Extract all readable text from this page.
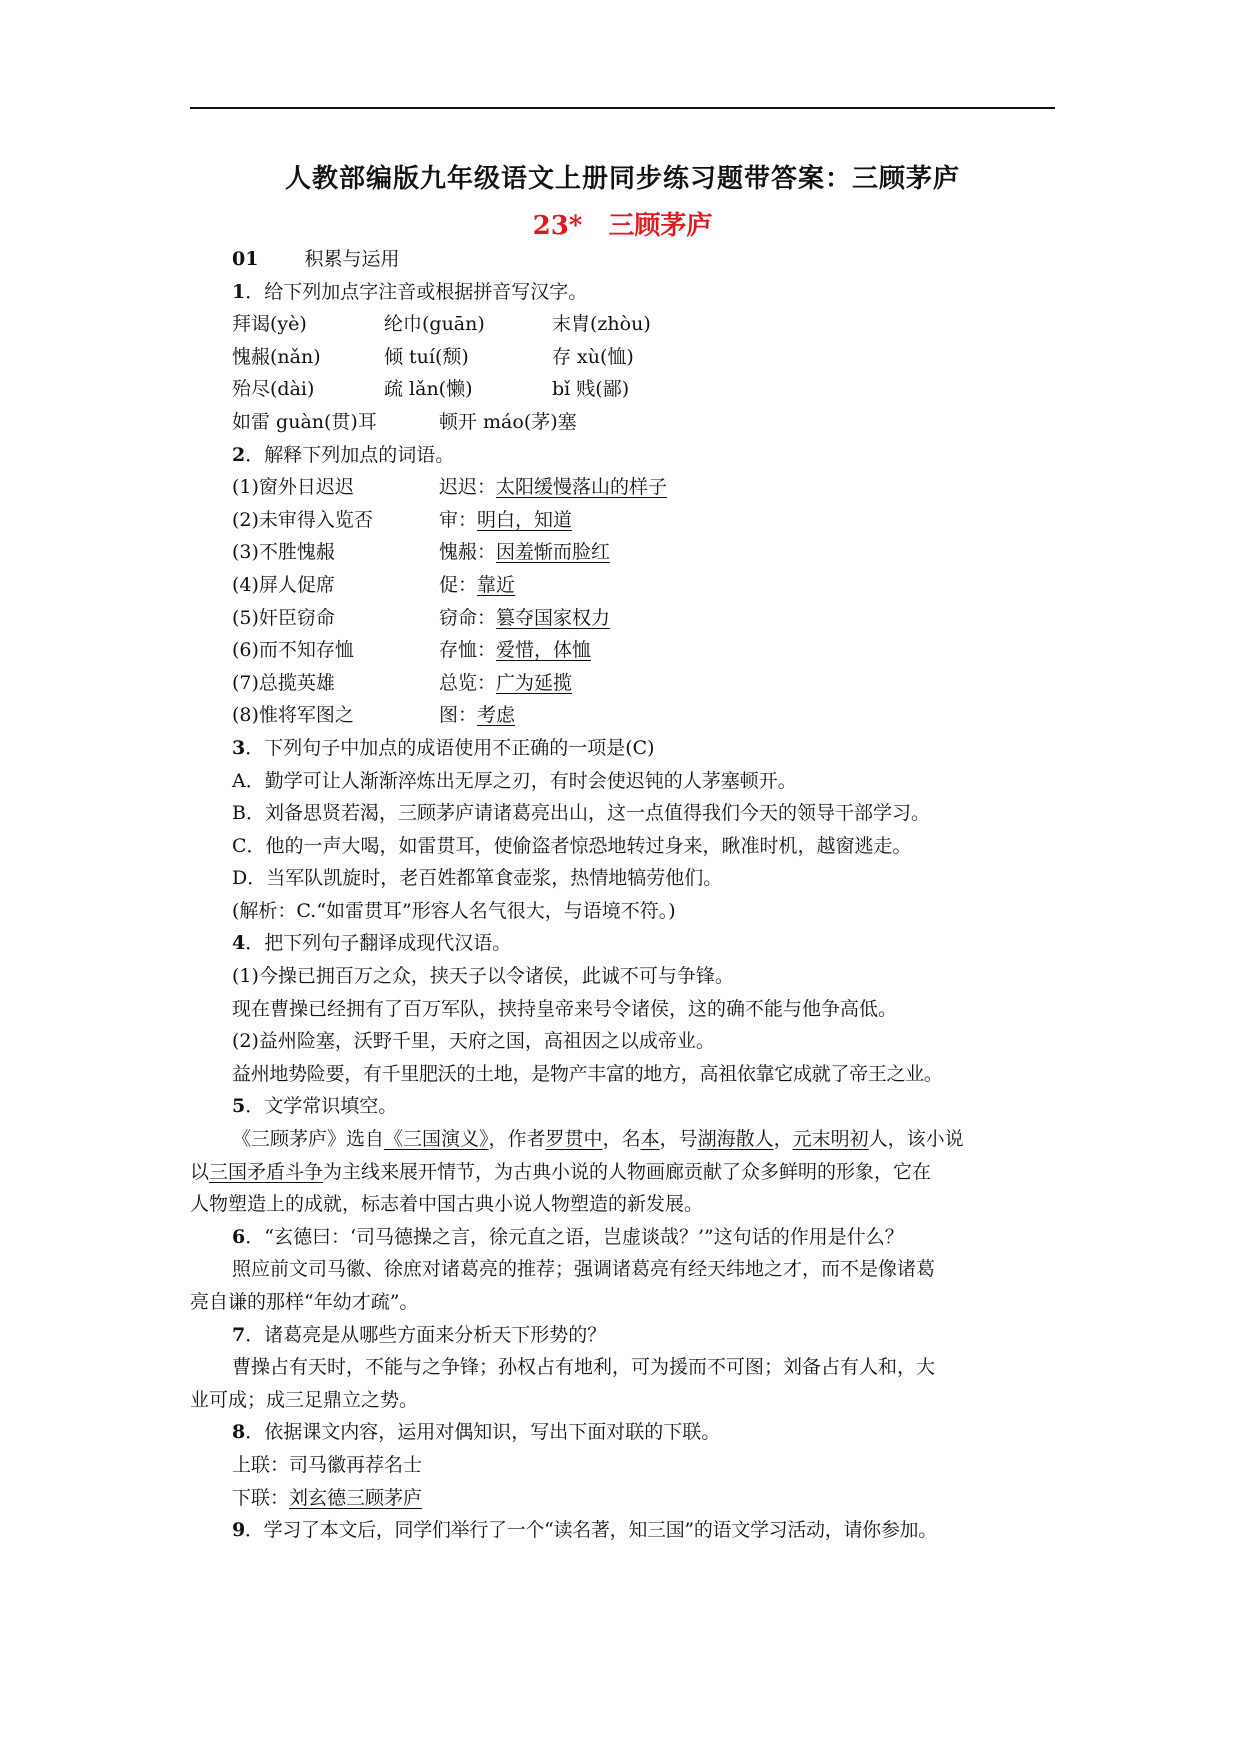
人教部编版九年级语文上册同步练习题带答案：三顾茅庐
23*　三顾茅庐
01 积累与运用
1．给下列加点字注音或根据拼音写汉字。
拜谒(yè)	纶巾(guān)	末胄(zhòu)
愧赧(nǎn)	倾 tuí(颓)	存 xù(恤)
殆尽(dài)	疏 lǎn(懒)	bǐ 贱(鄙)
如雷 guàn(贯)耳	顿开 máo(茅)塞
2．解释下列加点的词语。
(1)窗外日迟迟	迟迟：太阳缓慢落山的样子
(2)未审得入览否	审：明白，知道
(3)不胜愧赧	愧赧：因羞惭而脸红
(4)屏人促席	促：靠近
(5)奸臣窃命	窃命：篡夺国家权力
(6)而不知存恤	存恤：爱惜，体恤
(7)总揽英雄	总览：广为延揽
(8)惟将军图之	图：考虑
3．下列句子中加点的成语使用不正确的一项是(C)
A．勤学可让人渐渐淬炼出无厚之刃，有时会使迟钝的人茅塞顿开。
B．刘备思贤若渴，三顾茅庐请诸葛亮出山，这一点值得我们今天的领导干部学习。
C．他的一声大喝，如雷贯耳，使偷盗者惊恐地转过身来，瞅准时机，越窗逃走。
D．当军队凯旋时，老百姓都箪食壶浆，热情地犒劳他们。
(解析：C.“如雷贯耳”形容人名气很大，与语境不符。)
4．把下列句子翻译成现代汉语。
(1)今操已拥百万之众，挟天子以令诸侯，此诚不可与争锋。
现在曹操已经拥有了百万军队，挟持皇帝来号令诸侯，这的确不能与他争高低。
(2)益州险塞，沃野千里，天府之国，高祖因之以成帝业。
益州地势险要，有千里肥沃的土地，是物产丰富的地方，高祖依靠它成就了帝王之业。
5．文学常识填空。
《三顾茅庐》选自《三国演义》，作者罗贯中，名本，号湖海散人，元末明初人，该小说
以三国矛盾斗争为主线来展开情节，为古典小说的人物画廊贡献了众多鲜明的形象，它在
人物塑造上的成就，标志着中国古典小说人物塑造的新发展。
6．“玄德曰：‘司马德操之言，徐元直之语，岂虚谈哉？’”这句话的作用是什么？
照应前文司马徽、徐庶对诸葛亮的推荐；强调诸葛亮有经天纬地之才，而不是像诸葛
亮自谦的那样“年幼才疏”。
7．诸葛亮是从哪些方面来分析天下形势的？
曹操占有天时，不能与之争锋；孙权占有地利，可为援而不可图；刘备占有人和，大
业可成；成三足鼎立之势。
8．依据课文内容，运用对偶知识，写出下面对联的下联。
上联：司马徽再荐名士
下联：刘玄德三顾茅庐
9．学习了本文后，同学们举行了一个“读名著，知三国”的语文学习活动，请你参加。
